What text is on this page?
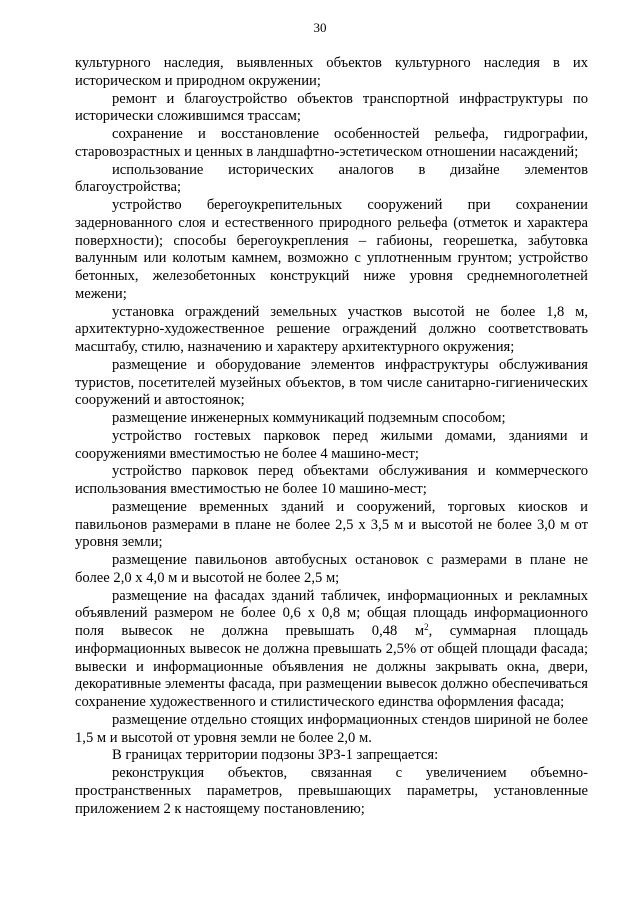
30

культурного наследия, выявленных объектов культурного наследия в их историческом и природном окружении;

ремонт и благоустройство объектов транспортной инфраструктуры по исторически сложившимся трассам;

сохранение и восстановление особенностей рельефа, гидрографии, старовозрастных и ценных в ландшафтно-эстетическом отношении насаждений;

использование исторических аналогов в дизайне элементов благоустройства;

устройство берегоукрепительных сооружений при сохранении задернованного слоя и естественного природного рельефа (отметок и характера поверхности); способы берегоукрепления – габионы, георешетка, забутовка валунным или колотым камнем, возможно с уплотненным грунтом; устройство бетонных, железобетонных конструкций ниже уровня среднемноголетней межени;

установка ограждений земельных участков высотой не более 1,8 м, архитектурно-художественное решение ограждений должно соответствовать масштабу, стилю, назначению и характеру архитектурного окружения;

размещение и оборудование элементов инфраструктуры обслуживания туристов, посетителей музейных объектов, в том числе санитарно-гигиенических сооружений и автостоянок;

размещение инженерных коммуникаций подземным способом;

устройство гостевых парковок перед жилыми домами, зданиями и сооружениями вместимостью не более 4 машино-мест;

устройство парковок перед объектами обслуживания и коммерческого использования вместимостью не более 10 машино-мест;

размещение временных зданий и сооружений, торговых киосков и павильонов размерами в плане не более 2,5 х 3,5 м и высотой не более 3,0 м от уровня земли;

размещение павильонов автобусных остановок с размерами в плане не более 2,0 х 4,0 м и высотой не более 2,5 м;

размещение на фасадах зданий табличек, информационных и рекламных объявлений размером не более 0,6 х 0,8 м; общая площадь информационного поля вывесок не должна превышать 0,48 $м^2$, суммарная площадь информационных вывесок не должна превышать 2,5% от общей площади фасада; вывески и информационные объявления не должны закрывать окна, двери, декоративные элементы фасада, при размещении вывесок должно обеспечиваться сохранение художественного и стилистического единства оформления фасада;

размещение отдельно стоящих информационных стендов шириной не более 1,5 м и высотой от уровня земли не более 2,0 м.

В границах территории подзоны ЗРЗ-1 запрещается:

реконструкция объектов, связанная с увеличением объемно-пространственных параметров, превышающих параметры, установленные приложением 2 к настоящему постановлению;
